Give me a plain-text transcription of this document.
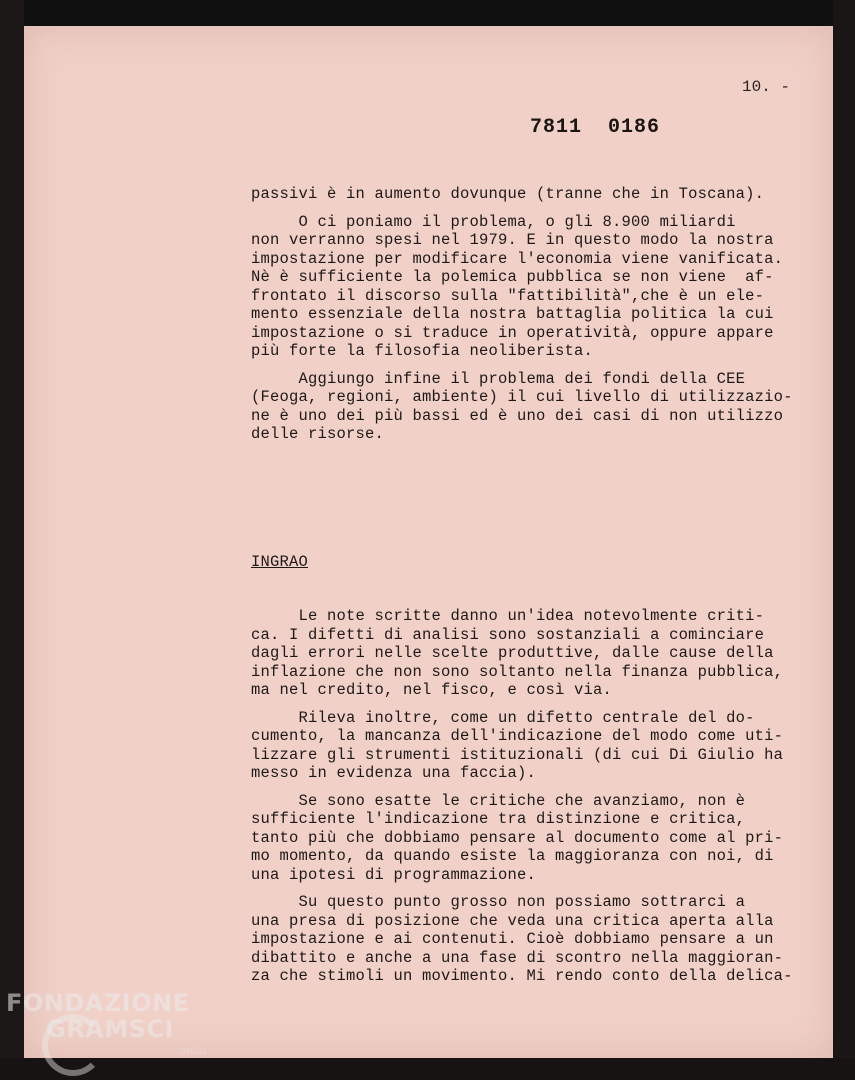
10. -
7811 0186
passivi è in aumento dovunque (tranne che in Toscana).
O ci poniamo il problema, o gli 8.900 miliardi
non verranno spesi nel 1979. E in questo modo la nostra
impostazione per modificare l'economia viene vanificata.
Nè è sufficiente la polemica pubblica se non viene  af-
frontato il discorso sulla "fattibilità",che è un ele-
mento essenziale della nostra battaglia politica la cui
impostazione o si traduce in operatività, oppure appare
più forte la filosofia neoliberista.
Aggiungo infine il problema dei fondi della CEE
(Feoga, regioni, ambiente) il cui livello di utilizzazio-
ne è uno dei più bassi ed è uno dei casi di non utilizzo
delle risorse.
INGRAO
Le note scritte danno un'idea notevolmente criti-
ca. I difetti di analisi sono sostanziali a cominciare
dagli errori nelle scelte produttive, dalle cause della
inflazione che non sono soltanto nella finanza pubblica,
ma nel credito, nel fisco, e così via.
Rileva inoltre, come un difetto centrale del do-
cumento, la mancanza dell'indicazione del modo come uti-
lizzare gli strumenti istituzionali (di cui Di Giulio ha
messo in evidenza una faccia).
Se sono esatte le critiche che avanziamo, non è
sufficiente l'indicazione tra distinzione e critica,
tanto più che dobbiamo pensare al documento come al pri-
mo momento, da quando esiste la maggioranza con noi, di
una ipotesi di programmazione.
Su questo punto grosso non possiamo sottrarci a
una presa di posizione che veda una critica aperta alla
impostazione e ai contenuti. Cioè dobbiamo pensare a un
dibattito e anche a una fase di scontro nella maggioran-
za che stimoli un movimento. Mi rendo conto della delica-
FONDAZIONE
GRAMSCI
onlus
